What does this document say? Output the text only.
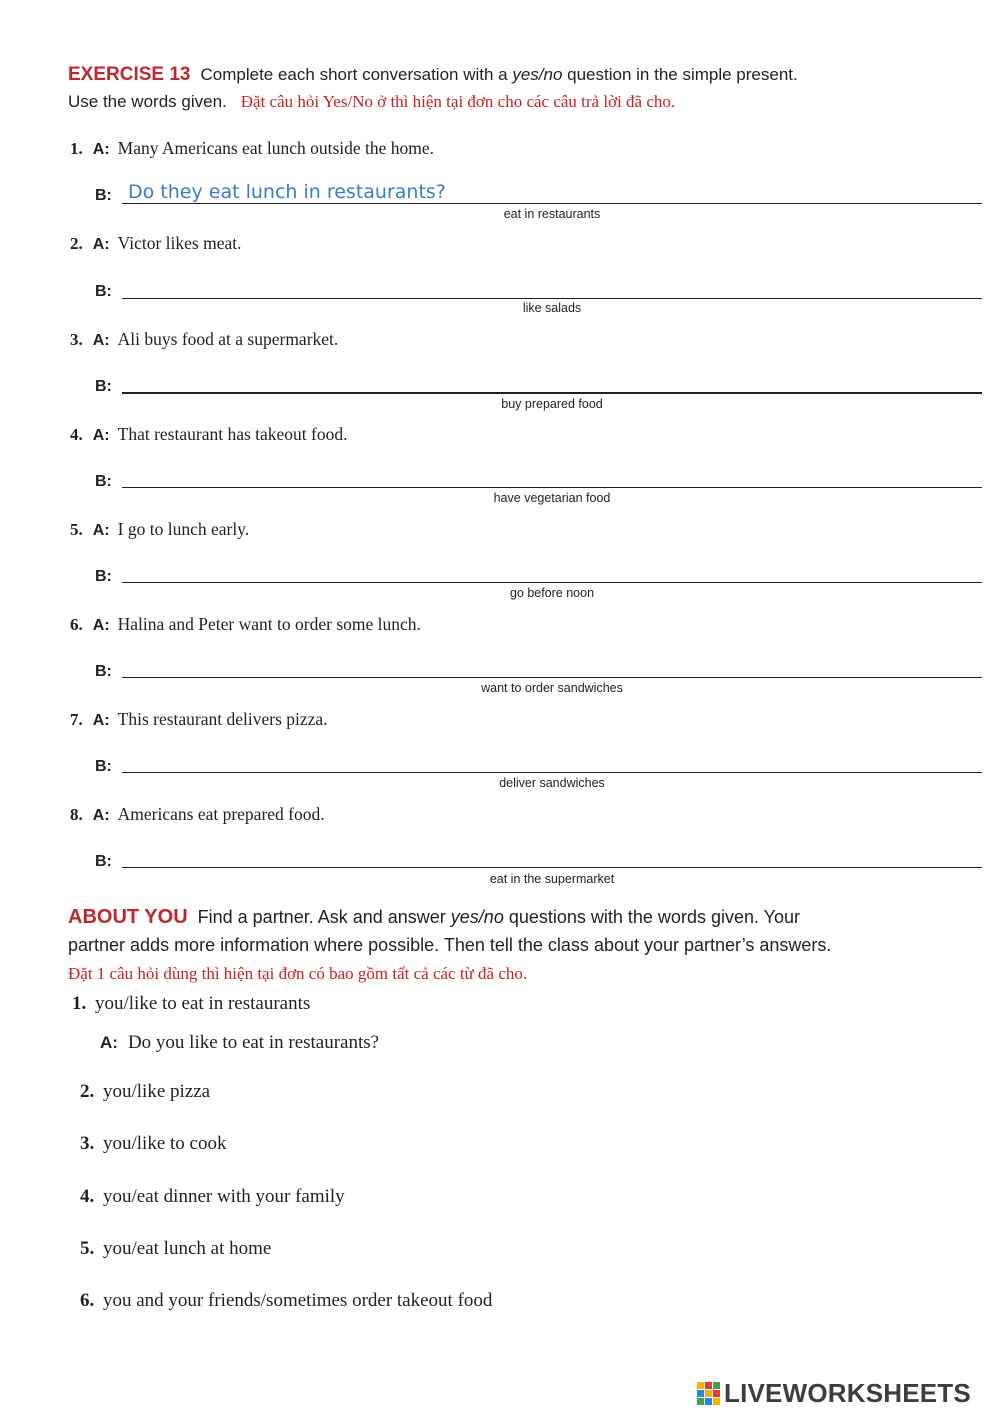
EXERCISE 13 Complete each short conversation with a yes/no question in the simple present.
Use the words given. Đặt câu hỏi Yes/No ở thì hiện tại đơn cho các câu trả lời đã cho.
1. A: Many Americans eat lunch outside the home.
B:
Do they eat lunch in restaurants?
eat in restaurants
2. A: Victor likes meat.
B:
like salads
3. A: Ali buys food at a supermarket.
B:
buy prepared food
4. A: That restaurant has takeout food.
B:
have vegetarian food
5. A: I go to lunch early.
B:
go before noon
6. A: Halina and Peter want to order some lunch.
B:
want to order sandwiches
7. A: This restaurant delivers pizza.
B:
deliver sandwiches
8. A: Americans eat prepared food.
B:
eat in the supermarket
ABOUT YOU Find a partner. Ask and answer yes/no questions with the words given. Your
partner adds more information where possible. Then tell the class about your partner’s answers.
Đặt 1 câu hỏi dùng thì hiện tại đơn có bao gồm tất cả các từ đã cho.
1. you/like to eat in restaurants
A: Do you like to eat in restaurants?
2. you/like pizza
3. you/like to cook
4. you/eat dinner with your family
5. you/eat lunch at home
6. you and your friends/sometimes order takeout food
LIVEWORKSHEETS
